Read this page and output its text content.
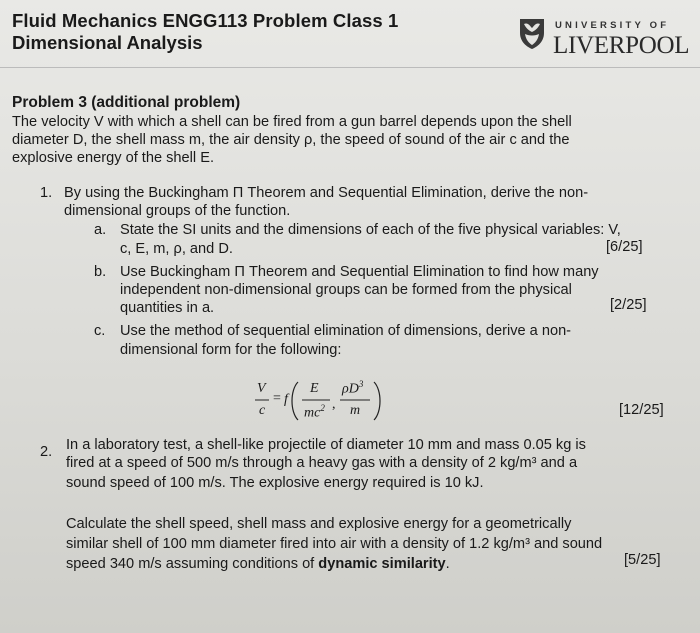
Fluid Mechanics ENGG113 Problem Class 1
Dimensional Analysis
UNIVERSITY OF
LIVERPOOL
Problem 3 (additional problem)
The velocity V with which a shell can be fired from a gun barrel depends upon the shell
diameter D, the shell mass m, the air density ρ, the speed of sound of the air c and the
explosive energy of the shell E.
1. By using the Buckingham Π Theorem and Sequential Elimination, derive the non-
dimensional groups of the function.
a. State the SI units and the dimensions of each of the five physical variables: V,
c, E, m, ρ, and D.	[6/25]
b. Use Buckingham Π Theorem and Sequential Elimination to find how many
independent non-dimensional groups can be formed from the physical
quantities in a.	[2/25]
c. Use the method of sequential elimination of dimensions, derive a non-
dimensional form for the following:
V
c
= f
E
$mc^2$ ,
$\rho D^3$
m	[12/25]
2. In a laboratory test, a shell-like projectile of diameter 10 mm and mass 0.05 kg is
fired at a speed of 500 m/s through a heavy gas with a density of 2 kg/m³ and a
sound speed of 100 m/s. The explosive energy required is 10 kJ.
Calculate the shell speed, shell mass and explosive energy for a geometrically
similar shell of 100 mm diameter fired into air with a density of 1.2 kg/m³ and sound
speed 340 m/s assuming conditions of dynamic similarity.	[5/25]
